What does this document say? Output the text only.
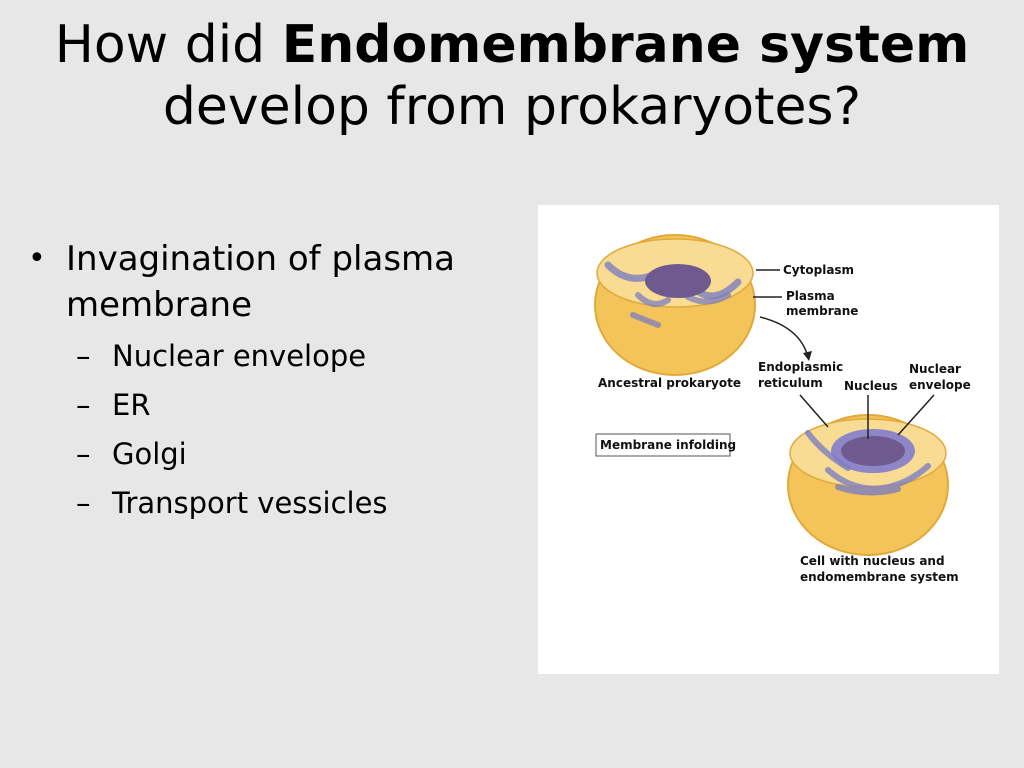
How did Endomembrane system
develop from prokaryotes?
• Invagination of plasma membrane
– Nuclear envelope
– ER
– Golgi
– Transport vessicles
Cytoplasm
Plasma
membrane
Ancestral prokaryote
Endoplasmic
reticulum Nucleus
Nuclear
envelope
Membrane infolding
Cell with nucleus and
endomembrane system
